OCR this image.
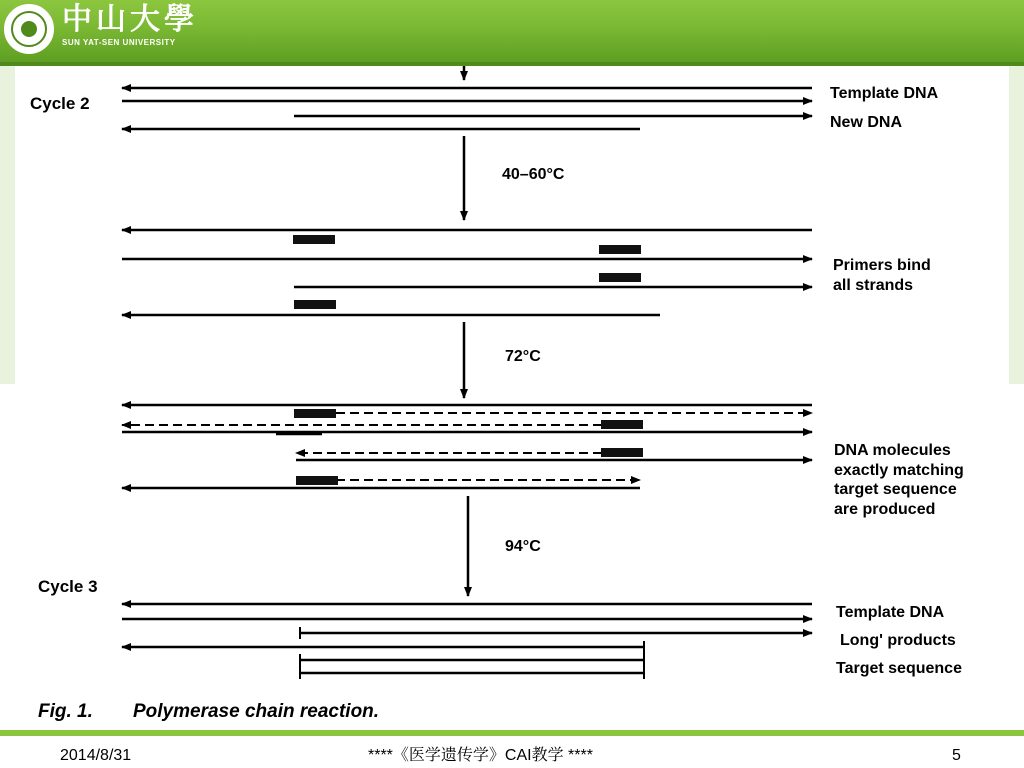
中山大學
SUN YAT-SEN UNIVERSITY
Cycle 2
Cycle 3
40–60°C
72°C
94°C
Template DNA
New DNA
Primers bind
all strands
DNA molecules
exactly matching
target sequence
are produced
Template DNA
Long' products
Target sequence
Fig. 1. Polymerase chain reaction.
2014/8/31	****《医学遗传学》CAI教学 ****	5
